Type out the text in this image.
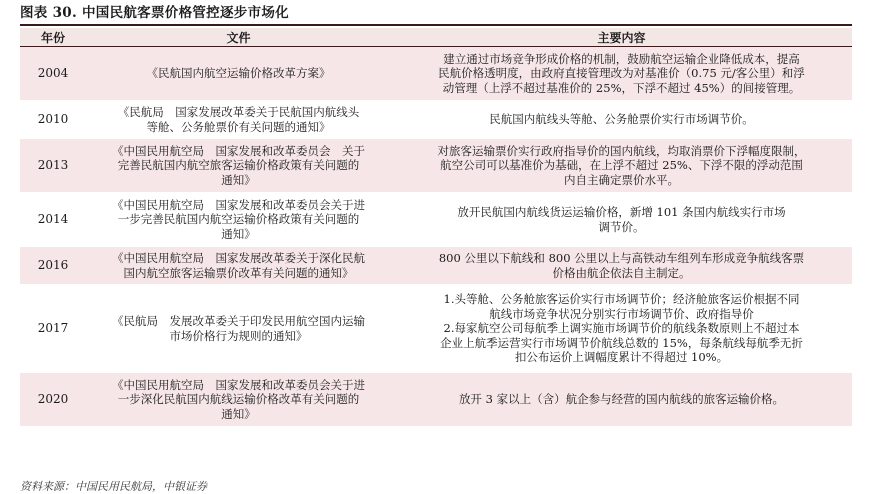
图表 30. 中国民航客票价格管控逐步市场化
年份	文件	主要内容
2004	《民航国内航空运输价格改革方案》	建立通过市场竞争形成价格的机制，鼓励航空运输企业降低成本，提高
民航价格透明度，由政府直接管理改为对基准价（0.75 元/客公里）和浮
动管理（上浮不超过基准价的 25%，下浮不超过 45%）的间接管理。

2010	《民航局　国家发展改革委关于民航国内航线头
等舱、公务舱票价有关问题的通知》	民航国内航线头等舱、公务舱票价实行市场调节价。

2013	《中国民用航空局　国家发展和改革委员会　关于
完善民航国内航空旅客运输价格政策有关问题的
通知》	对旅客运输票价实行政府指导价的国内航线，均取消票价下浮幅度限制，
航空公司可以基准价为基础，在上浮不超过 25%、下浮不限的浮动范围
内自主确定票价水平。

2014	《中国民用航空局　国家发展和改革委员会关于进
一步完善民航国内航空运输价格政策有关问题的
通知》	放开民航国内航线货运运输价格，新增 101 条国内航线实行市场
调节价。

2016	《中国民用航空局　国家发展改革委关于深化民航
国内航空旅客运输票价改革有关问题的通知》	800 公里以下航线和 800 公里以上与高铁动车组列车形成竞争航线客票
价格由航企依法自主制定。

2017	《民航局　发展改革委关于印发民用航空国内运输
市场价格行为规则的通知》	1.头等舱、公务舱旅客运价实行市场调节价；经济舱旅客运价根据不同
航线市场竞争状况分别实行市场调节价、政府指导价
2.每家航空公司每航季上调实施市场调节价的航线条数原则上不超过本
企业上航季运营实行市场调节价航线总数的 15%，每条航线每航季无折
扣公布运价上调幅度累计不得超过 10%。

2020	《中国民用航空局　国家发展和改革委员会关于进
一步深化民航国内航线运输价格改革有关问题的
通知》	放开 3 家以上（含）航企参与经营的国内航线的旅客运输价格。
资料来源：中国民用民航局，中银证券
